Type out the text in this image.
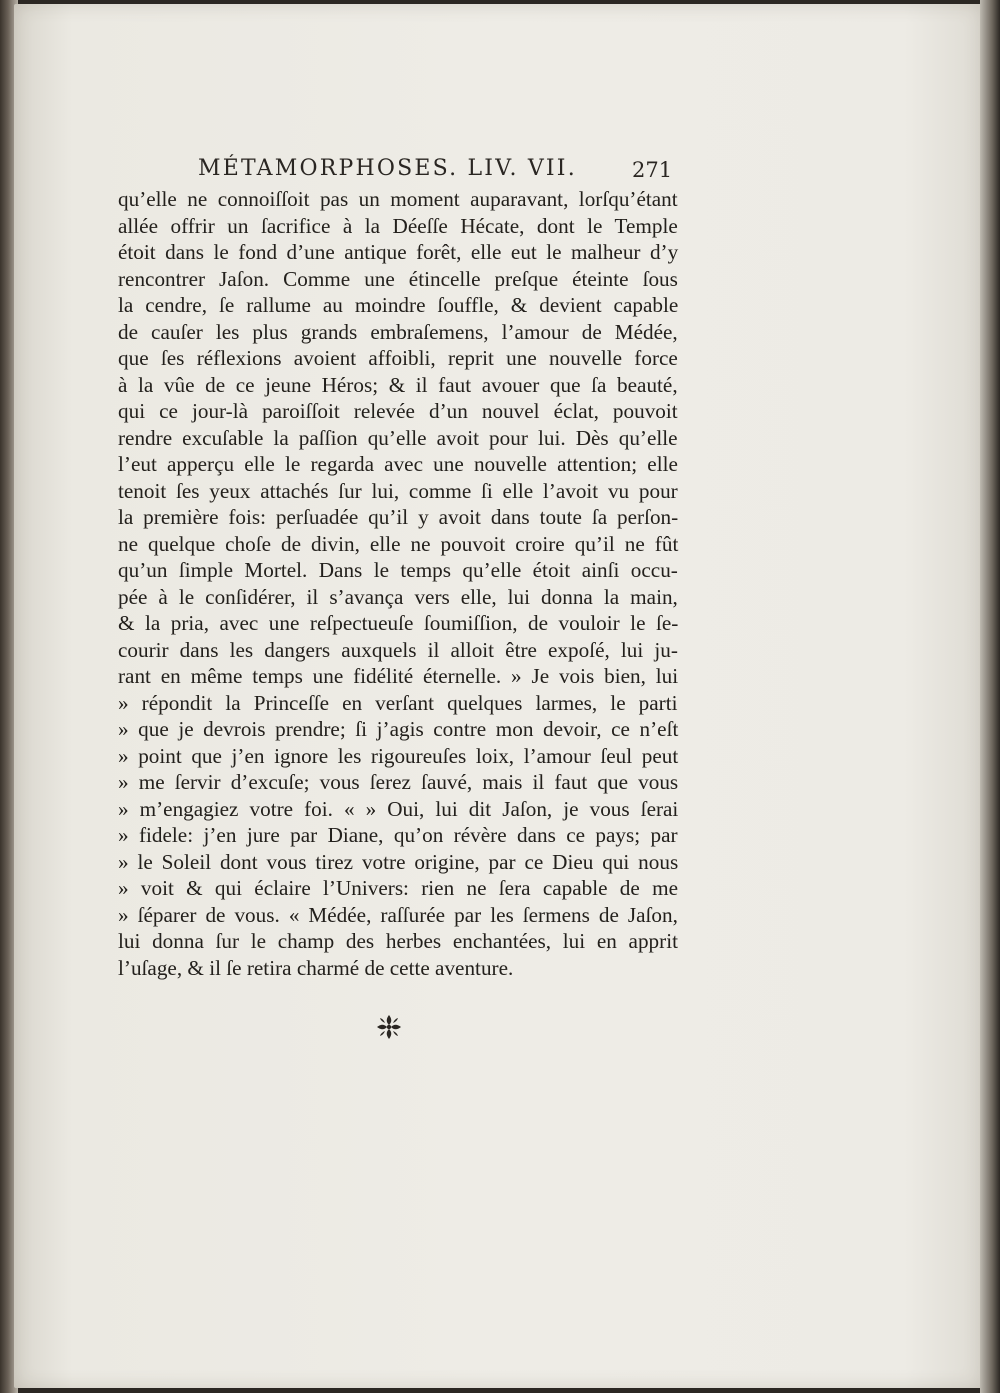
MÉTAMORPHOSES. LIV. VII.	271
qu’elle ne connoiſſoit pas un moment auparavant, lorſqu’étant
allée offrir un ſacrifice à la Déeſſe Hécate, dont le Temple
étoit dans le fond d’une antique forêt, elle eut le malheur d’y
rencontrer Jaſon. Comme une étincelle preſque éteinte ſous
la cendre, ſe rallume au moindre ſouffle, & devient capable
de cauſer les plus grands embraſemens, l’amour de Médée,
que ſes réflexions avoient affoibli, reprit une nouvelle force
à la vûe de ce jeune Héros; & il faut avouer que ſa beauté,
qui ce jour-là paroiſſoit relevée d’un nouvel éclat, pouvoit
rendre excuſable la paſſion qu’elle avoit pour lui. Dès qu’elle
l’eut apperçu elle le regarda avec une nouvelle attention; elle
tenoit ſes yeux attachés ſur lui, comme ſi elle l’avoit vu pour
la première fois: perſuadée qu’il y avoit dans toute ſa perſon-
ne quelque choſe de divin, elle ne pouvoit croire qu’il ne fût
qu’un ſimple Mortel. Dans le temps qu’elle étoit ainſi occu-
pée à le conſidérer, il s’avança vers elle, lui donna la main,
& la pria, avec une reſpectueuſe ſoumiſſion, de vouloir le ſe-
courir dans les dangers auxquels il alloit être expoſé, lui ju-
rant en même temps une fidélité éternelle. » Je vois bien, lui
» répondit la Princeſſe en verſant quelques larmes, le parti
» que je devrois prendre; ſi j’agis contre mon devoir, ce n’eſt
» point que j’en ignore les rigoureuſes loix, l’amour ſeul peut
» me ſervir d’excuſe; vous ſerez ſauvé, mais il faut que vous
» m’engagiez votre foi. « » Oui, lui dit Jaſon, je vous ſerai
» fidele: j’en jure par Diane, qu’on révère dans ce pays; par
» le Soleil dont vous tirez votre origine, par ce Dieu qui nous
» voit & qui éclaire l’Univers: rien ne ſera capable de me
» ſéparer de vous. « Médée, raſſurée par les ſermens de Jaſon,
lui donna ſur le champ des herbes enchantées, lui en apprit
l’uſage, & il ſe retira charmé de cette aventure.
